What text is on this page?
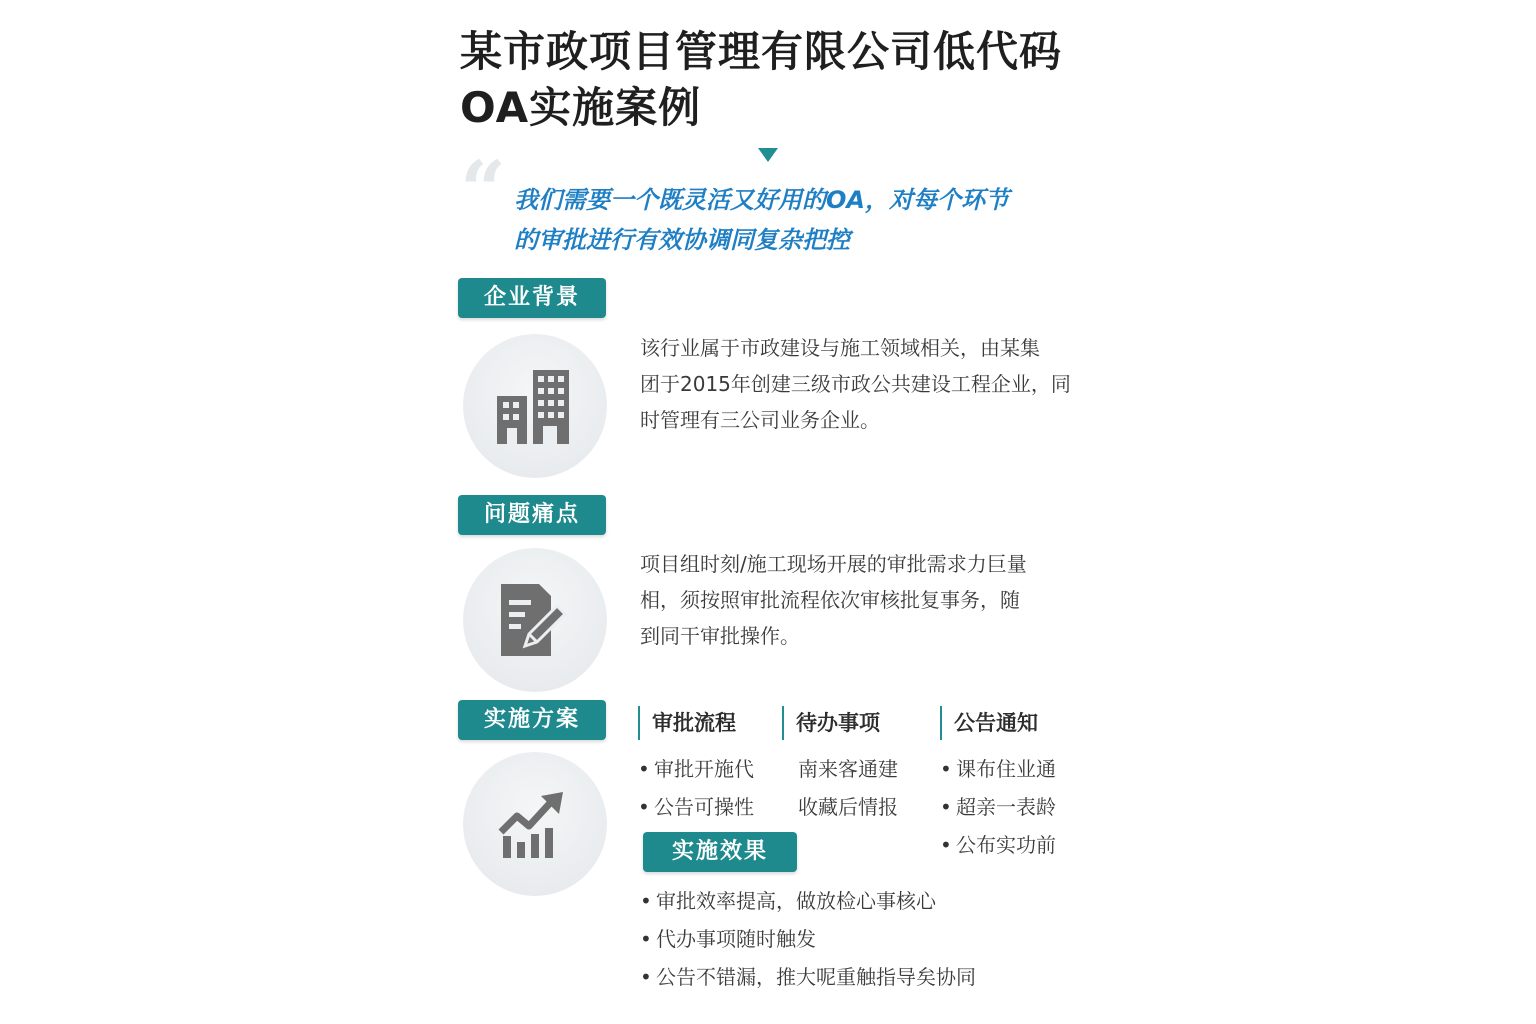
某市政项目管理有限公司低代码
OA实施案例
“ 我们需要一个既灵活又好用的OA，对每个环节
的审批进行有效协调同复杂把控
企业背景
该行业属于市政建设与施工领域相关，由某集
团于2015年创建三级市政公共建设工程企业，同
时管理有三公司业务企业。
问题痛点
项目组时刻/施工现场开展的审批需求力巨量
相，须按照审批流程依次审核批复事务，随
到同干审批操作。
实施方案	审批流程
• 审批开施代
• 公告可操性
待办事项
南来客通建
收藏后情报
公告通知
• 课布住业通
• 超亲一表龄
• 公布实功前
实施效果
• 审批效率提高，做放检心事核心
• 代办事项随时触发
• 公告不错漏，推大呢重触指导矣协同
